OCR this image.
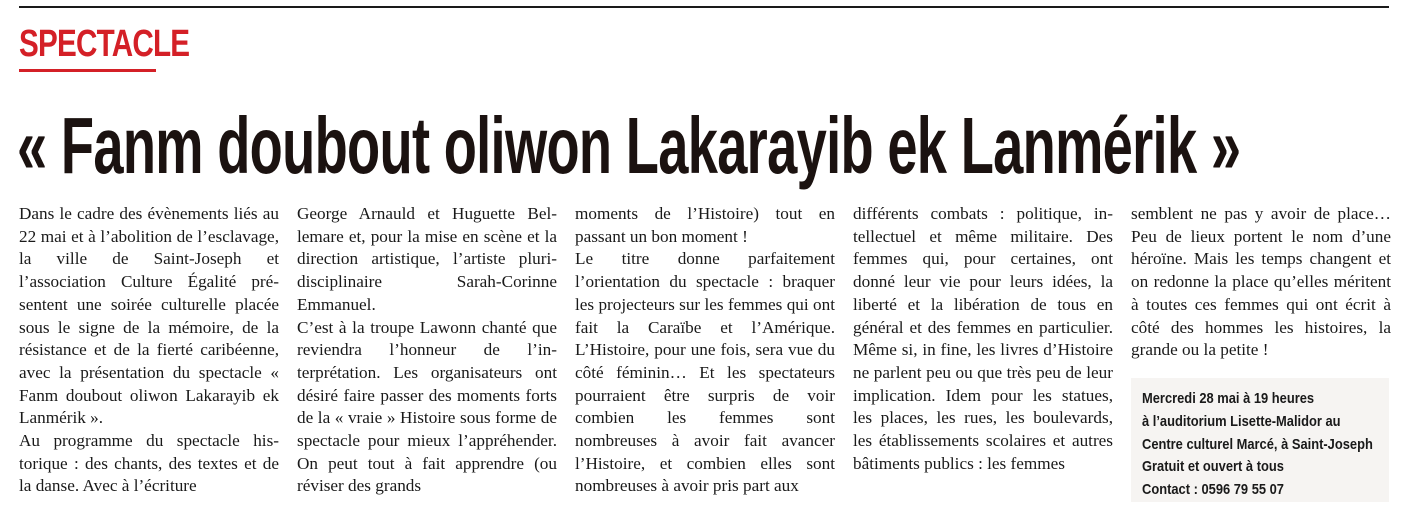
SPECTACLE
« Fanm doubout oliwon Lakarayib ek Lanmérik »

Dans le cadre des évènements liés au 22 mai et à l’abolition de l’esclavage, la ville de Saint-Joseph et l’association Culture Égalité présentent une soirée culturelle placée sous le signe de la mémoire, de la résistance et de la fierté caribéenne, avec la présentation du spectacle « Fanm doubout oliwon Lakarayib ek Lanmérik ».

Au programme du spectacle historique : des chants, des textes et de la danse. Avec à l’écriture

George Arnauld et Huguette Bellemare et, pour la mise en scène et la direction artistique, l’artiste pluri-disciplinaire Sarah-Corinne Emmanuel.

C’est à la troupe Lawonn chanté que reviendra l’honneur de l’interprétation. Les organisateurs ont désiré faire passer des moments forts de la « vraie » Histoire sous forme de spectacle pour mieux l’appréhender. On peut tout à fait apprendre (ou réviser des grands

moments de l’Histoire) tout en passant un bon moment !

Le titre donne parfaitement l’orientation du spectacle : braquer les projecteurs sur les femmes qui ont fait la Caraïbe et l’Amérique. L’Histoire, pour une fois, sera vue du côté féminin… Et les spectateurs pourraient être surpris de voir combien les femmes sont nombreuses à avoir fait avancer l’Histoire, et combien elles sont nombreuses à avoir pris part aux

différents combats : politique, intellectuel et même militaire. Des femmes qui, pour certaines, ont donné leur vie pour leurs idées, la liberté et la libération de tous en général et des femmes en particulier. Même si, in fine, les livres d’Histoire ne parlent peu ou que très peu de leur implication. Idem pour les statues, les places, les rues, les boulevards, les établissements scolaires et autres bâtiments publics : les femmes

semblent ne pas y avoir de place… Peu de lieux portent le nom d’une héroïne. Mais les temps changent et on redonne la place qu’elles méritent à toutes ces femmes qui ont écrit à côté des hommes les histoires, la grande ou la petite !

Mercredi 28 mai à 19 heures
à l’auditorium Lisette-Malidor au
Centre culturel Marcé, à Saint-Joseph
Gratuit et ouvert à tous
Contact : 0596 79 55 07
